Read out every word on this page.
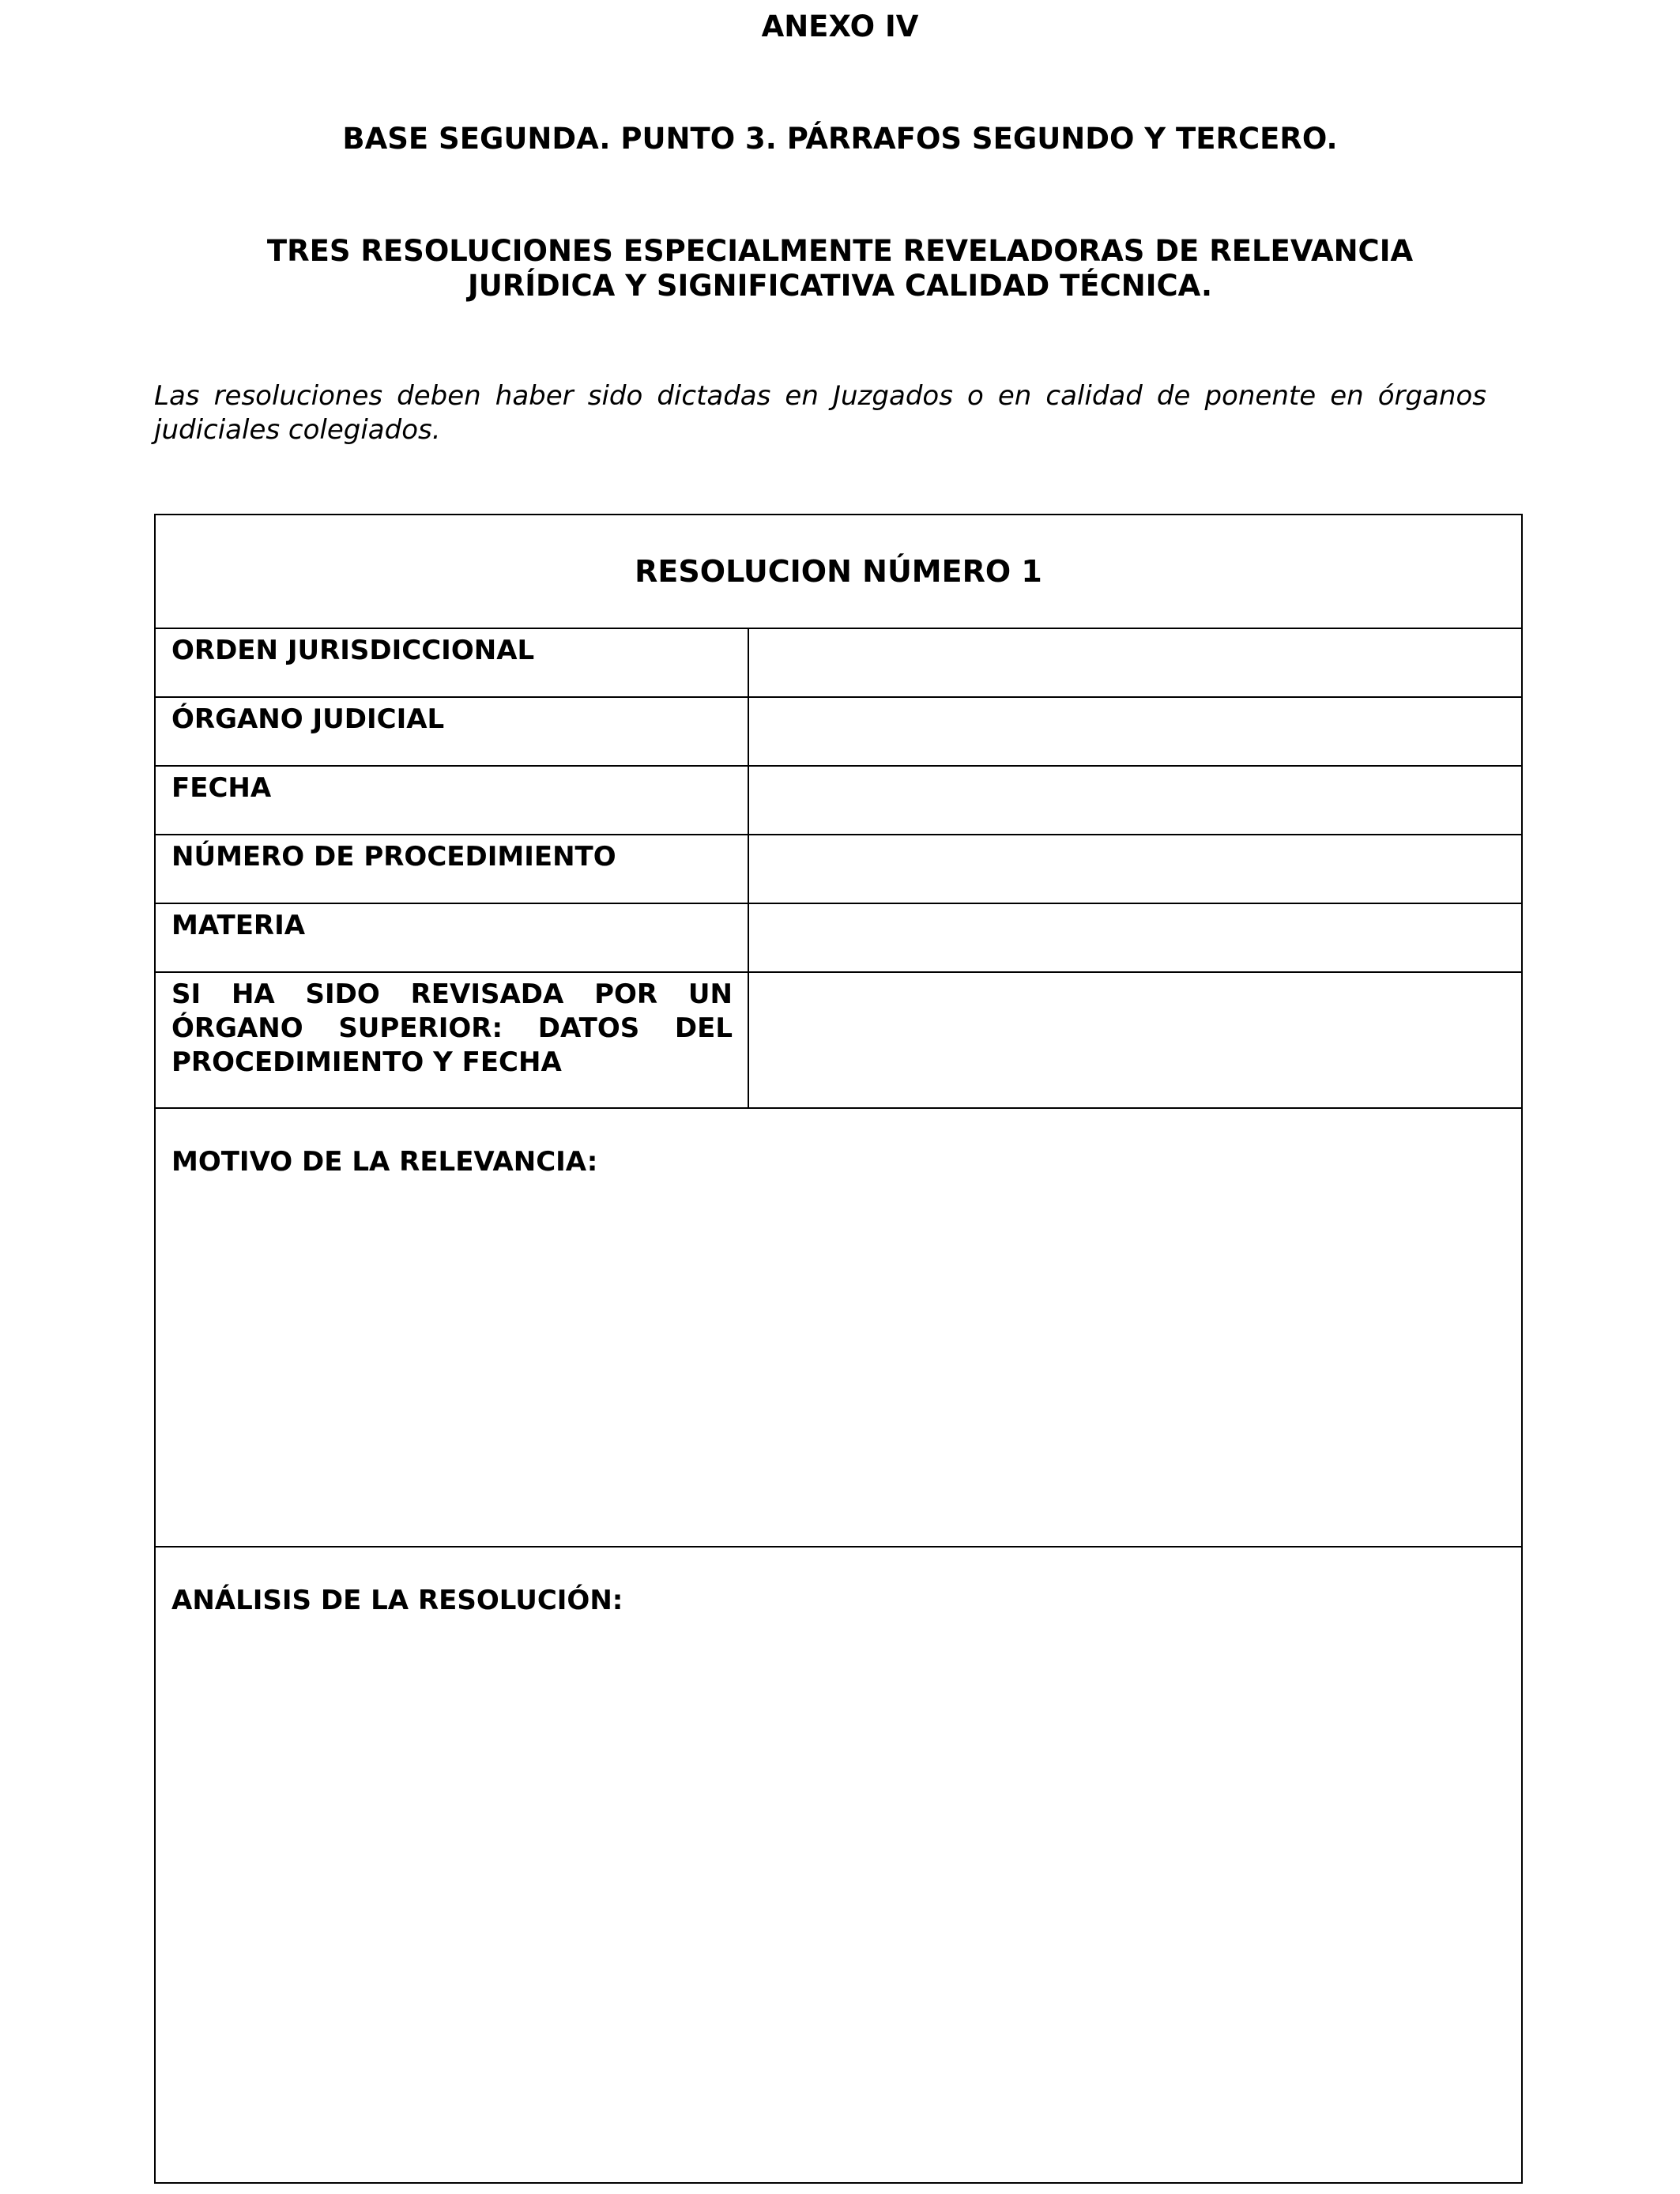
ANEXO IV
BASE SEGUNDA. PUNTO 3. PÁRRAFOS SEGUNDO Y TERCERO.
TRES RESOLUCIONES ESPECIALMENTE REVELADORAS DE RELEVANCIA
JURÍDICA Y SIGNIFICATIVA CALIDAD TÉCNICA.

Las resoluciones deben haber sido dictadas en Juzgados o en calidad de ponente en órganos judiciales colegiados.

RESOLUCION NÚMERO 1
ORDEN JURISDICCIONAL
ÓRGANO JUDICIAL
FECHA
NÚMERO DE PROCEDIMIENTO
MATERIA
SI HA SIDO REVISADA POR UN ÓRGANO SUPERIOR: DATOS DEL PROCEDIMIENTO Y FECHA
MOTIVO DE LA RELEVANCIA:
ANÁLISIS DE LA RESOLUCIÓN:
